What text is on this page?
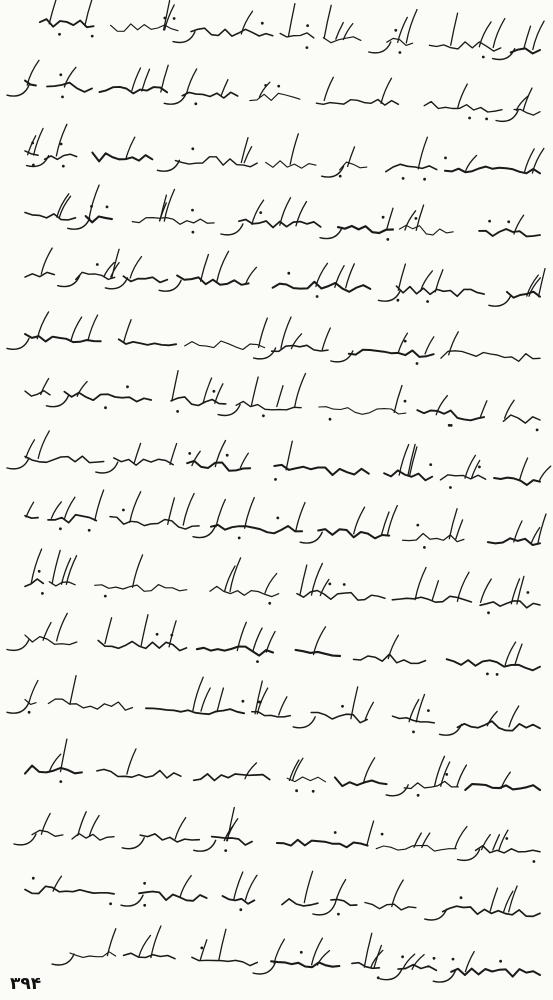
۳۹۴
